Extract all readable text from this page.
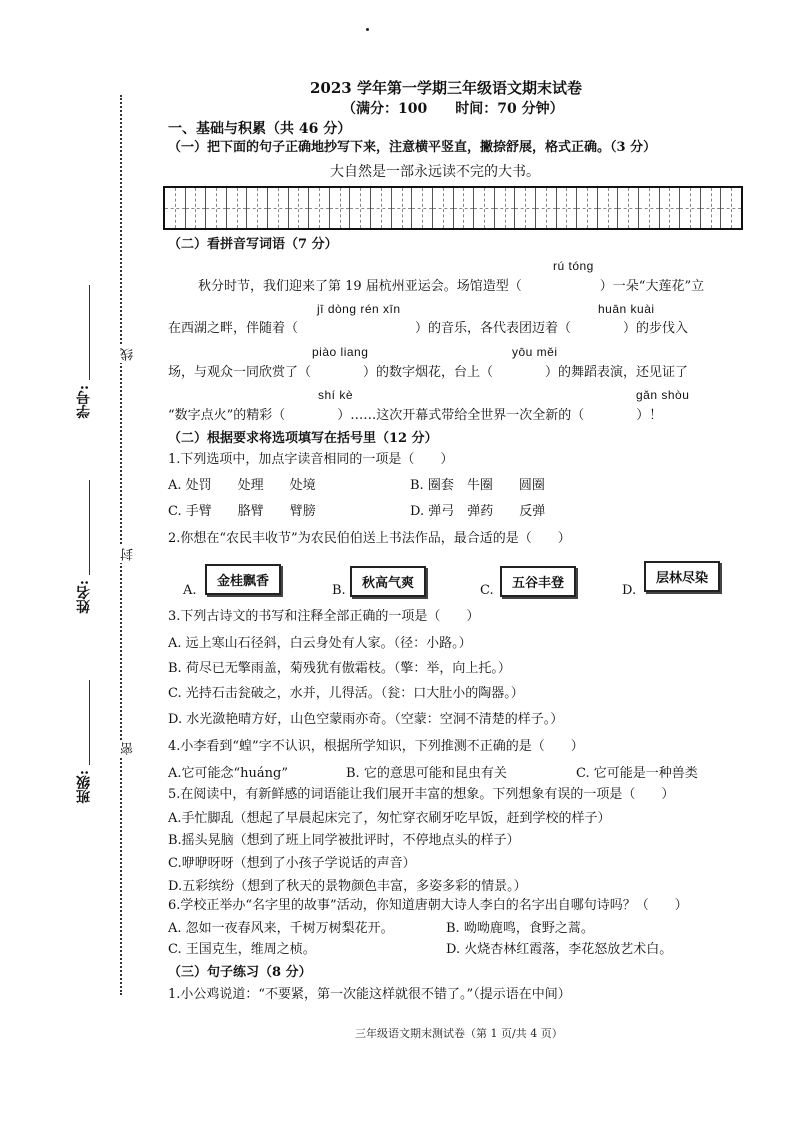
学号:
姓名:
班级:
线
封
密
2023 学年第一学期三年级语文期末试卷
（满分：100　　时间：70 分钟）
一、基础与积累（共 46 分）
（一）把下面的句子正确地抄写下来，注意横平竖直，撇捺舒展，格式正确。（3 分）
大自然是一部永远读不完的大书。
（二）看拼音写词语（7 分）
rú tóng
秋分时节，我们迎来了第 19 届杭州亚运会。场馆造型（　　　　　　）一朵“大莲花”立
jī dòng rén xīn	huān kuài
在西湖之畔，伴随着（　　　　　　　　　）的音乐，各代表团迈着（　　　　）的步伐入
piào liang	yōu měi
场，与观众一同欣赏了（　　　　）的数字烟花，台上（　　　　）的舞蹈表演，还见证了
shí kè	gǎn shòu
“数字点火”的精彩（　　　　）……这次开幕式带给全世界一次全新的（　　　　）！
（二）根据要求将选项填写在括号里（12 分）
1.下列选项中，加点字读音相同的一项是（　　）
A. 处罚　　处理　　处境	B. 圈套　牛圈　　圆圈
C. 手臂　　胳臂　　臂膀	D. 弹弓　弹药　　反弹
2.你想在“农民丰收节”为农民伯伯送上书法作品，最合适的是（　　）
A.
金桂飘香
B.	秋高气爽	C.	五谷丰登	D.
层林尽染
3.下列古诗文的书写和注释全部正确的一项是（　　）
A. 远上寒山石径斜，白云身处有人家。（径：小路。）
B. 荷尽已无擎雨盖，菊残犹有傲霜枝。（擎：举，向上托。）
C. 光持石击瓮破之，水并，儿得活。（瓮：口大肚小的陶器。）
D. 水光潋艳晴方好，山色空蒙雨亦奇。（空蒙：空洞不清楚的样子。）
4.小李看到“蝗”字不认识，根据所学知识，下列推测不正确的是（　　）
A.它可能念“huáng”	B. 它的意思可能和昆虫有关	C. 它可能是一种兽类
5.在阅读中，有新鲜感的词语能让我们展开丰富的想象。下列想象有误的一项是（　　）
A.手忙脚乱（想起了早晨起床完了，匆忙穿衣刷牙吃早饭，赶到学校的样子）
B.摇头晃脑（想到了班上同学被批评时，不停地点头的样子）
C.咿咿呀呀（想到了小孩子学说话的声音）
D.五彩缤纷（想到了秋天的景物颜色丰富，多姿多彩的情景。）
6.学校正举办“名字里的故事”活动，你知道唐朝大诗人李白的名字出自哪句诗吗？（　　）
A. 忽如一夜春风来，千树万树梨花开。	B. 呦呦鹿鸣，食野之蒿。
C. 王国克生，维周之桢。	D. 火烧杏林红霞落，李花怒放艺术白。
（三）句子练习（8 分）
1.小公鸡说道：“不要紧，第一次能这样就很不错了。”（提示语在中间）
三年级语文期末测试卷（第 1 页/共 4 页）
